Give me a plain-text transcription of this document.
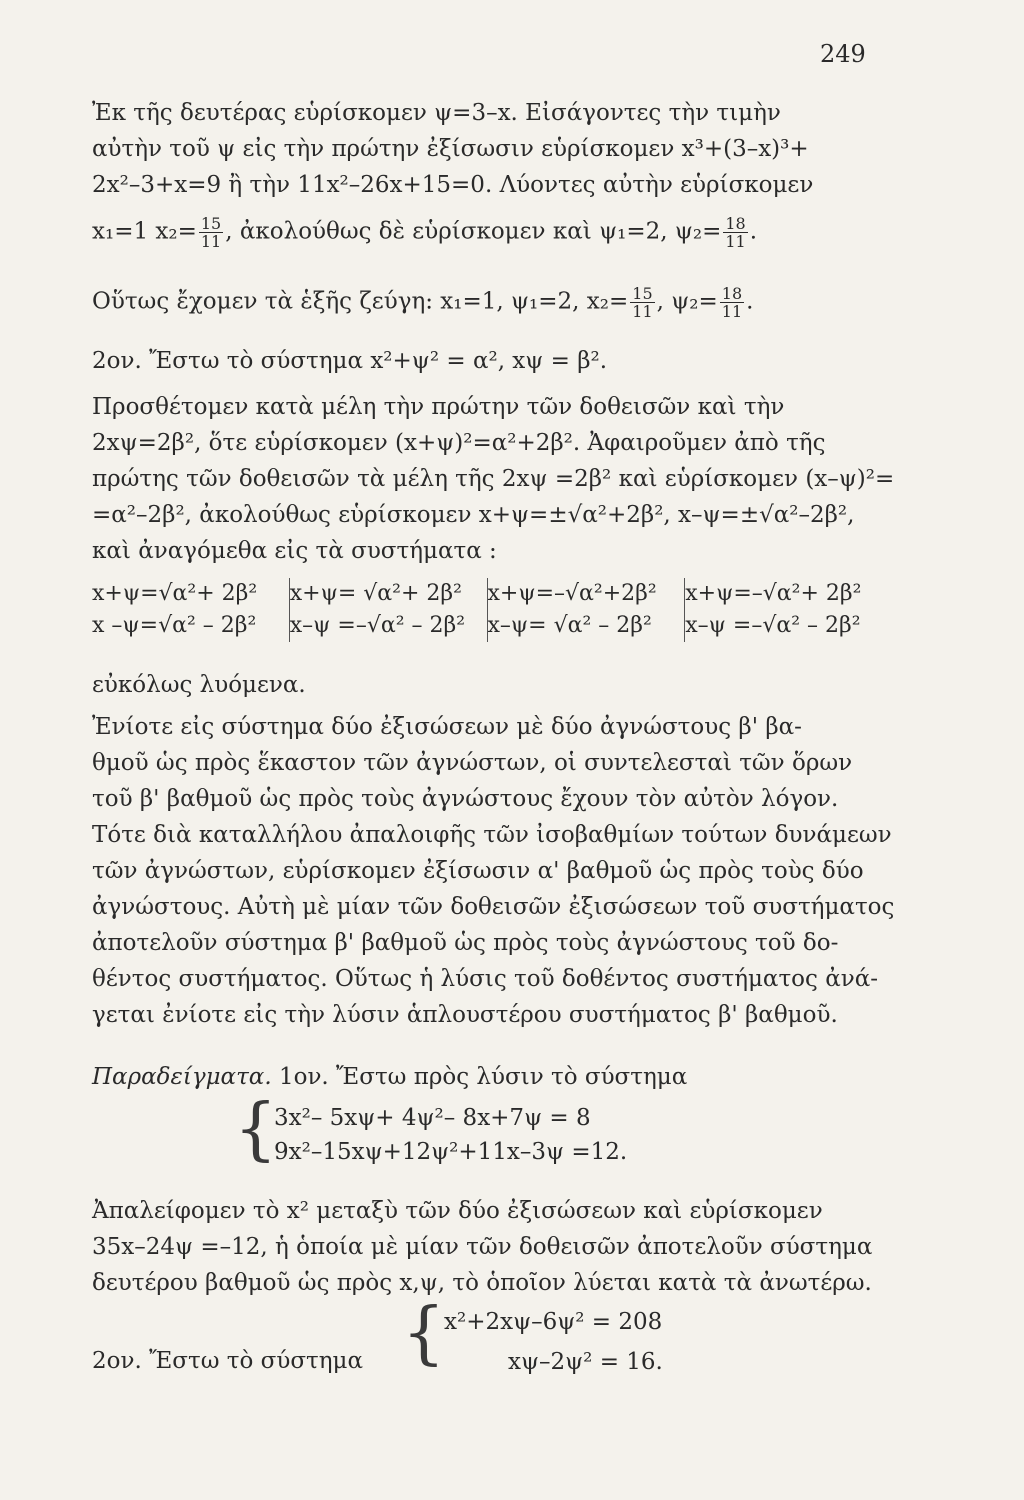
249
Ἐκ τῆς δευτέρας εὑρίσκομεν ψ=3–x. Εἰσάγοντες τὴν τιμὴν
αὐτὴν τοῦ ψ εἰς τὴν πρώτην ἐξίσωσιν εὑρίσκομεν x³+(3–x)³+
2x²–3+x=9 ἢ τὴν 11x²–26x+15=0. Λύοντες αὐτὴν εὑρίσκομεν
x₁=1 $x_2= \frac{15}{11}$ , ἀκολούθως δὲ εὑρίσκομεν καὶ ψ₁=2, $\psi_2= \frac{18}{11}$ .
Οὕτως ἔχομεν τὰ ἑξῆς ζεύγη: x₁=1, ψ₁=2, $x_2= \frac{15}{11}$ , $\psi_2= \frac{18}{11}$ .
2ον. Ἔστω τὸ σύστημα x²+ψ² = α², xψ = β².
Προσθέτομεν κατὰ μέλη τὴν πρώτην τῶν δοθεισῶν καὶ τὴν
2xψ=2β², ὅτε εὑρίσκομεν (x+ψ)²=α²+2β². Ἀφαιροῦμεν ἀπὸ τῆς
πρώτης τῶν δοθεισῶν τὰ μέλη τῆς 2xψ =2β² καὶ εὑρίσκομεν (x–ψ)²=
=α²–2β², ἀκολούθως εὑρίσκομεν x+ψ=±√α²+2β², x–ψ=±√α²–2β²,
καὶ ἀναγόμεθα εἰς τὰ συστήματα :
x+ψ=√α²+ 2β²	x+ψ= √α²+ 2β²	x+ψ=–√α²+2β²	x+ψ=–√α²+ 2β²
x –ψ=√α² – 2β²	x–ψ =–√α² – 2β²	x–ψ= √α² – 2β²	x–ψ =–√α² – 2β²
εὐκόλως λυόμενα.
Ἐνίοτε εἰς σύστημα δύο ἐξισώσεων μὲ δύο ἀγνώστους β' βα-
θμοῦ ὡς πρὸς ἕκαστον τῶν ἀγνώστων, οἱ συντελεσταὶ τῶν ὅρων
τοῦ β' βαθμοῦ ὡς πρὸς τοὺς ἀγνώστους ἔχουν τὸν αὐτὸν λόγον.
Τότε διὰ καταλλήλου ἀπαλοιφῆς τῶν ἰσοβαθμίων τούτων δυνάμεων
τῶν ἀγνώστων, εὑρίσκομεν ἐξίσωσιν α' βαθμοῦ ὡς πρὸς τοὺς δύο
ἀγνώστους. Αὐτὴ μὲ μίαν τῶν δοθεισῶν ἐξισώσεων τοῦ συστήματος
ἀποτελοῦν σύστημα β' βαθμοῦ ὡς πρὸς τοὺς ἀγνώστους τοῦ δο-
θέντος συστήματος. Οὕτως ἡ λύσις τοῦ δοθέντος συστήματος ἀνά-
γεται ἐνίοτε εἰς τὴν λύσιν ἁπλουστέρου συστήματος β' βαθμοῦ.
Παραδείγματα. 1ον. Ἔστω πρὸς λύσιν τὸ σύστημα
{
3x²– 5xψ+ 4ψ²– 8x+7ψ = 8
9x²–15xψ+12ψ²+11x–3ψ =12.
Ἀπαλείφομεν τὸ x² μεταξὺ τῶν δύο ἐξισώσεων καὶ εὑρίσκομεν
35x–24ψ =–12, ἡ ὁποία μὲ μίαν τῶν δοθεισῶν ἀποτελοῦν σύστημα
δευτέρου βαθμοῦ ὡς πρὸς x,ψ, τὸ ὁποῖον λύεται κατὰ τὰ ἀνωτέρω.
2ον. Ἔστω τὸ σύστημα {
x²+2xψ–6ψ² = 208
xψ–2ψ² = 16.
